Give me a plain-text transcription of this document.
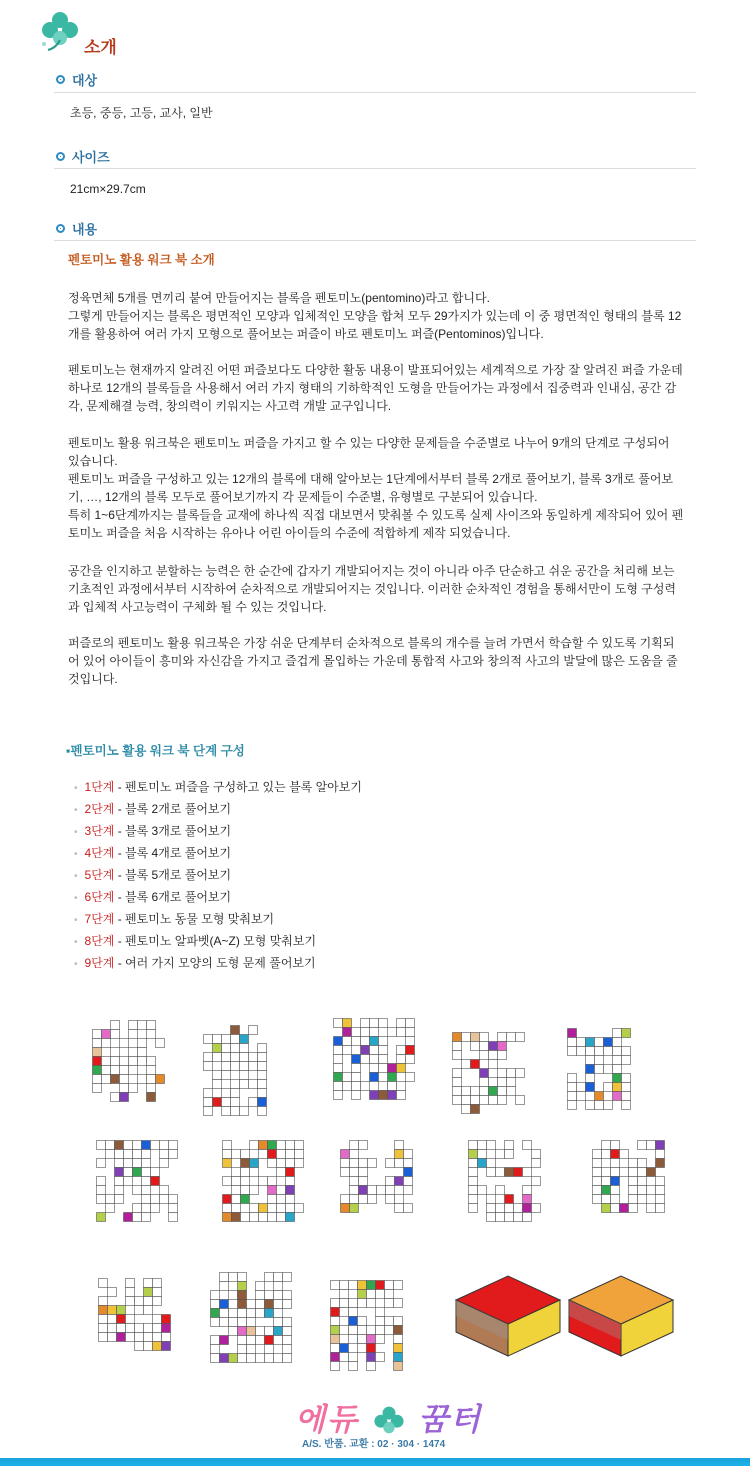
소개
대상
초등, 중등, 고등, 교사, 일반
사이즈
21cm×29.7cm
내용
펜토미노 활용 워크 북 소개
정육면체 5개를 면끼리 붙여 만들어지는 블록을 펜토미노(pentomino)라고 합니다.
그렇게 만들어지는 블록은 평면적인 모양과 입체적인 모양을 합쳐 모두 29가지가 있는데 이 중 평면적인 형태의 블록 12개를 활용하여 여러 가지 모형으로 풀어보는 퍼즐이 바로 펜토미노 퍼즐(Pentominos)입니다.
펜토미노는 현재까지 알려진 어떤 퍼즐보다도 다양한 활동 내용이 발표되어있는 세계적으로 가장 잘 알려진 퍼즐 가운데 하나로 12개의 블록들을 사용해서 여러 가지 형태의 기하학적인 도형을 만들어가는 과정에서 집중력과 인내심, 공간 감각, 문제해결 능력, 창의력이 키워지는 사고력 개발 교구입니다.
펜토미노 활용 워크북은 펜토미노 퍼즐을 가지고 할 수 있는 다양한 문제들을 수준별로 나누어 9개의 단계로 구성되어 있습니다.
펜토미노 퍼즐을 구성하고 있는 12개의 블록에 대해 알아보는 1단계에서부터 블록 2개로 풀어보기, 블록 3개로 풀어보기, …, 12개의 블록 모두로 풀어보기까지 각 문제들이 수준별, 유형별로 구분되어 있습니다.
특히 1~6단계까지는 블록들을 교재에 하나씩 직접 대보면서 맞춰볼 수 있도록 실제 사이즈와 동일하게 제작되어 있어 펜토미노 퍼즐을 처음 시작하는 유아나 어린 아이들의 수준에 적합하게 제작 되었습니다.
공간을 인지하고 분할하는 능력은 한 순간에 갑자기 개발되어지는 것이 아니라 아주 단순하고 쉬운 공간을 처리해 보는 기초적인 과정에서부터 시작하여 순차적으로 개발되어지는 것입니다. 이러한 순차적인 경험을 통해서만이 도형 구성력과 입체적 사고능력이 구체화 될 수 있는 것입니다.
퍼즐로의 펜토미노 활용 워크북은 가장 쉬운 단계부터 순차적으로 블록의 개수를 늘려 가면서 학습할 수 있도록 기획되어 있어 아이들이 흥미와 자신감을 가지고 즐겁게 몰입하는 가운데 통합적 사고와 창의적 사고의 발달에 많은 도움을 줄 것입니다.
▪펜토미노 활용 워크 북 단계 구성
• 1단계 - 펜토미노 퍼즐을 구성하고 있는 블록 알아보기
• 2단계 - 블록 2개로 풀어보기
• 3단계 - 블록 3개로 풀어보기
• 4단계 - 블록 4개로 풀어보기
• 5단계 - 블록 5개로 풀어보기
• 6단계 - 블록 6개로 풀어보기
• 7단계 - 펜토미노 동물 모형 맞춰보기
• 8단계 - 펜토미노 알파벳(A~Z) 모형 맞춰보기
• 9단계 - 여러 가지 모양의 도형 문제 풀어보기
에듀 꿈터
A/S. 반품. 교환 : 02 · 304 · 1474
